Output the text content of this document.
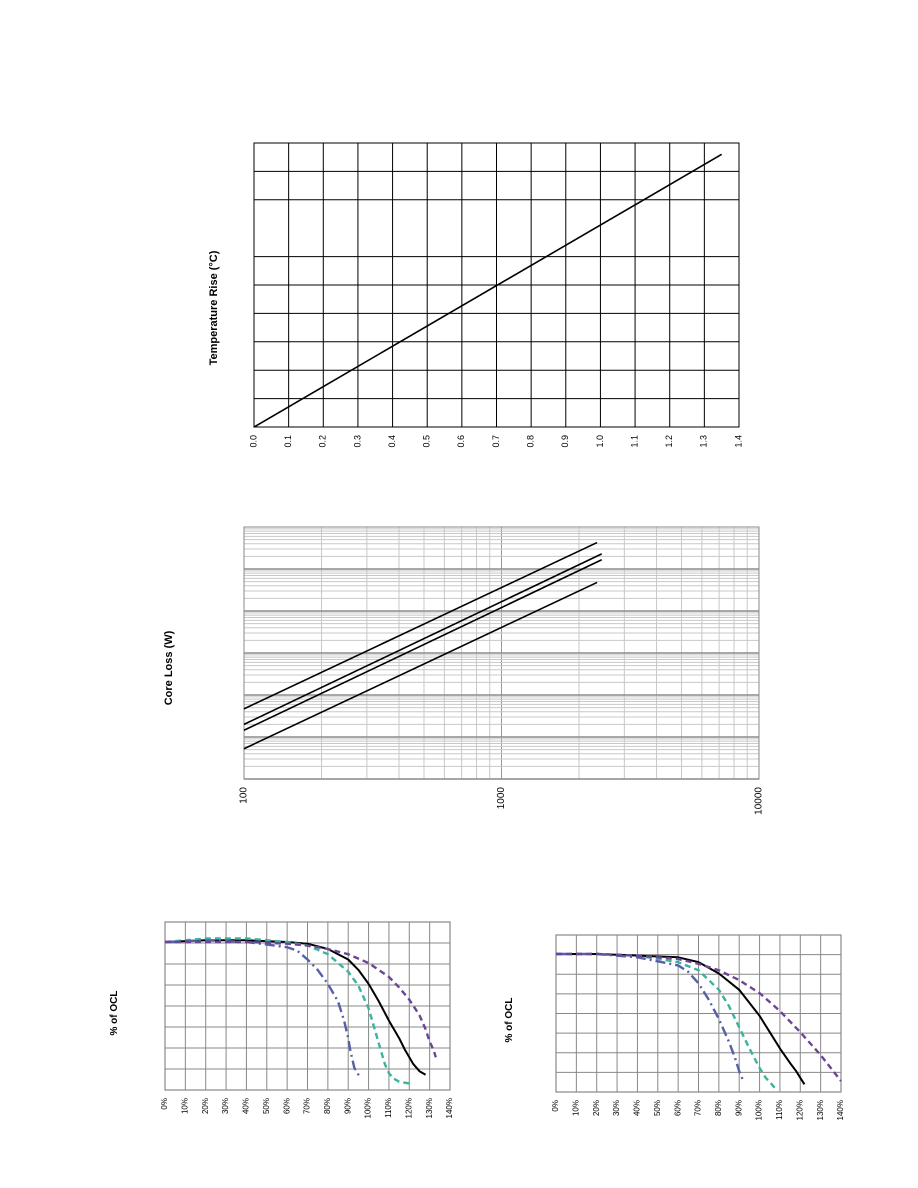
0.0	0.1	0.2	0.3	0.4	0.5	0.6	0.7	0.8	0.9	1.0	1.1	1.2	1.3	1.4
Temperature Rise (°C)
100	1000	10000
Core Loss (W)
0% 10% 20% 30% 40% 50% 60% 70% 80% 90% 100% 110% 120% 130% 140%
% of OCL
0% 10% 20% 30% 40% 50% 60% 70% 80% 90% 100% 110% 120% 130% 140%
% of OCL
